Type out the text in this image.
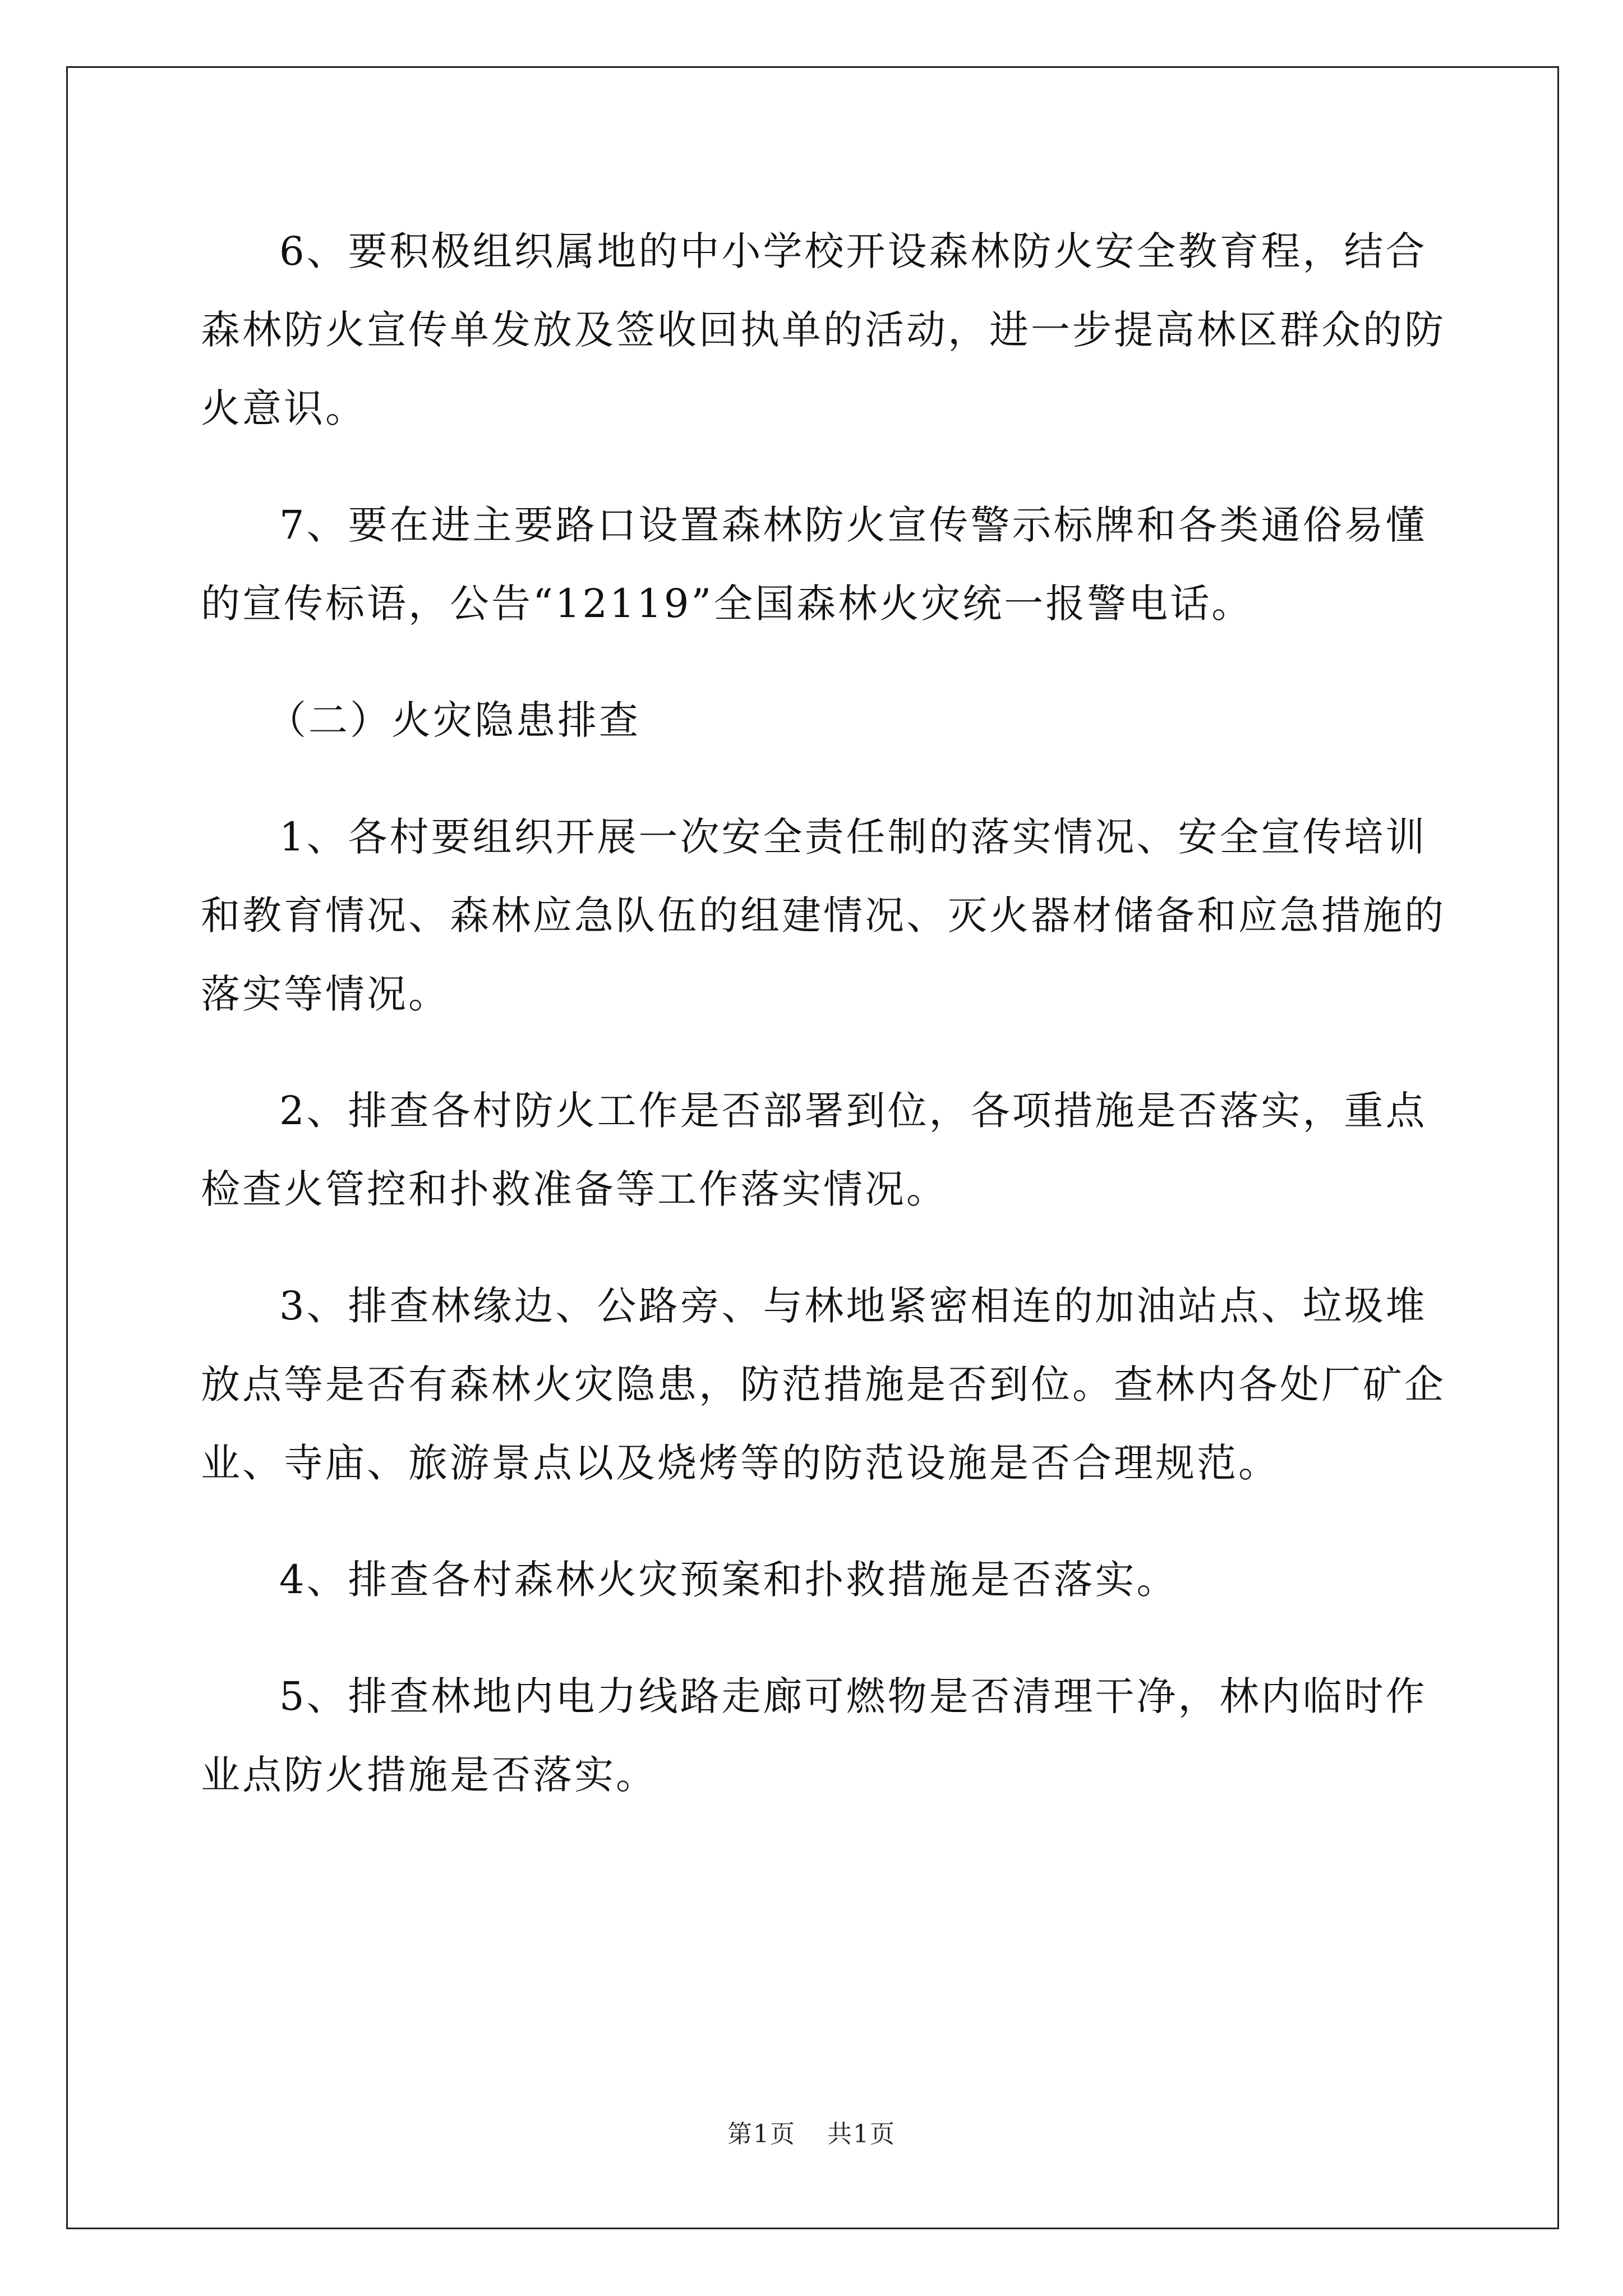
6、要积极组织属地的中小学校开设森林防火安全教育程，结合森林防火宣传单发放及签收回执单的活动，进一步提高林区群众的防火意识。

7、要在进主要路口设置森林防火宣传警示标牌和各类通俗易懂的宣传标语，公告“12119”全国森林火灾统一报警电话。

（二）火灾隐患排查

1、各村要组织开展一次安全责任制的落实情况、安全宣传培训和教育情况、森林应急队伍的组建情况、灭火器材储备和应急措施的落实等情况。

2、排查各村防火工作是否部署到位，各项措施是否落实，重点检查火管控和扑救准备等工作落实情况。

3、排查林缘边、公路旁、与林地紧密相连的加油站点、垃圾堆放点等是否有森林火灾隐患，防范措施是否到位。查林内各处厂矿企业、寺庙、旅游景点以及烧烤等的防范设施是否合理规范。

4、排查各村森林火灾预案和扑救措施是否落实。

5、排查林地内电力线路走廊可燃物是否清理干净，林内临时作业点防火措施是否落实。

第1页 共1页
